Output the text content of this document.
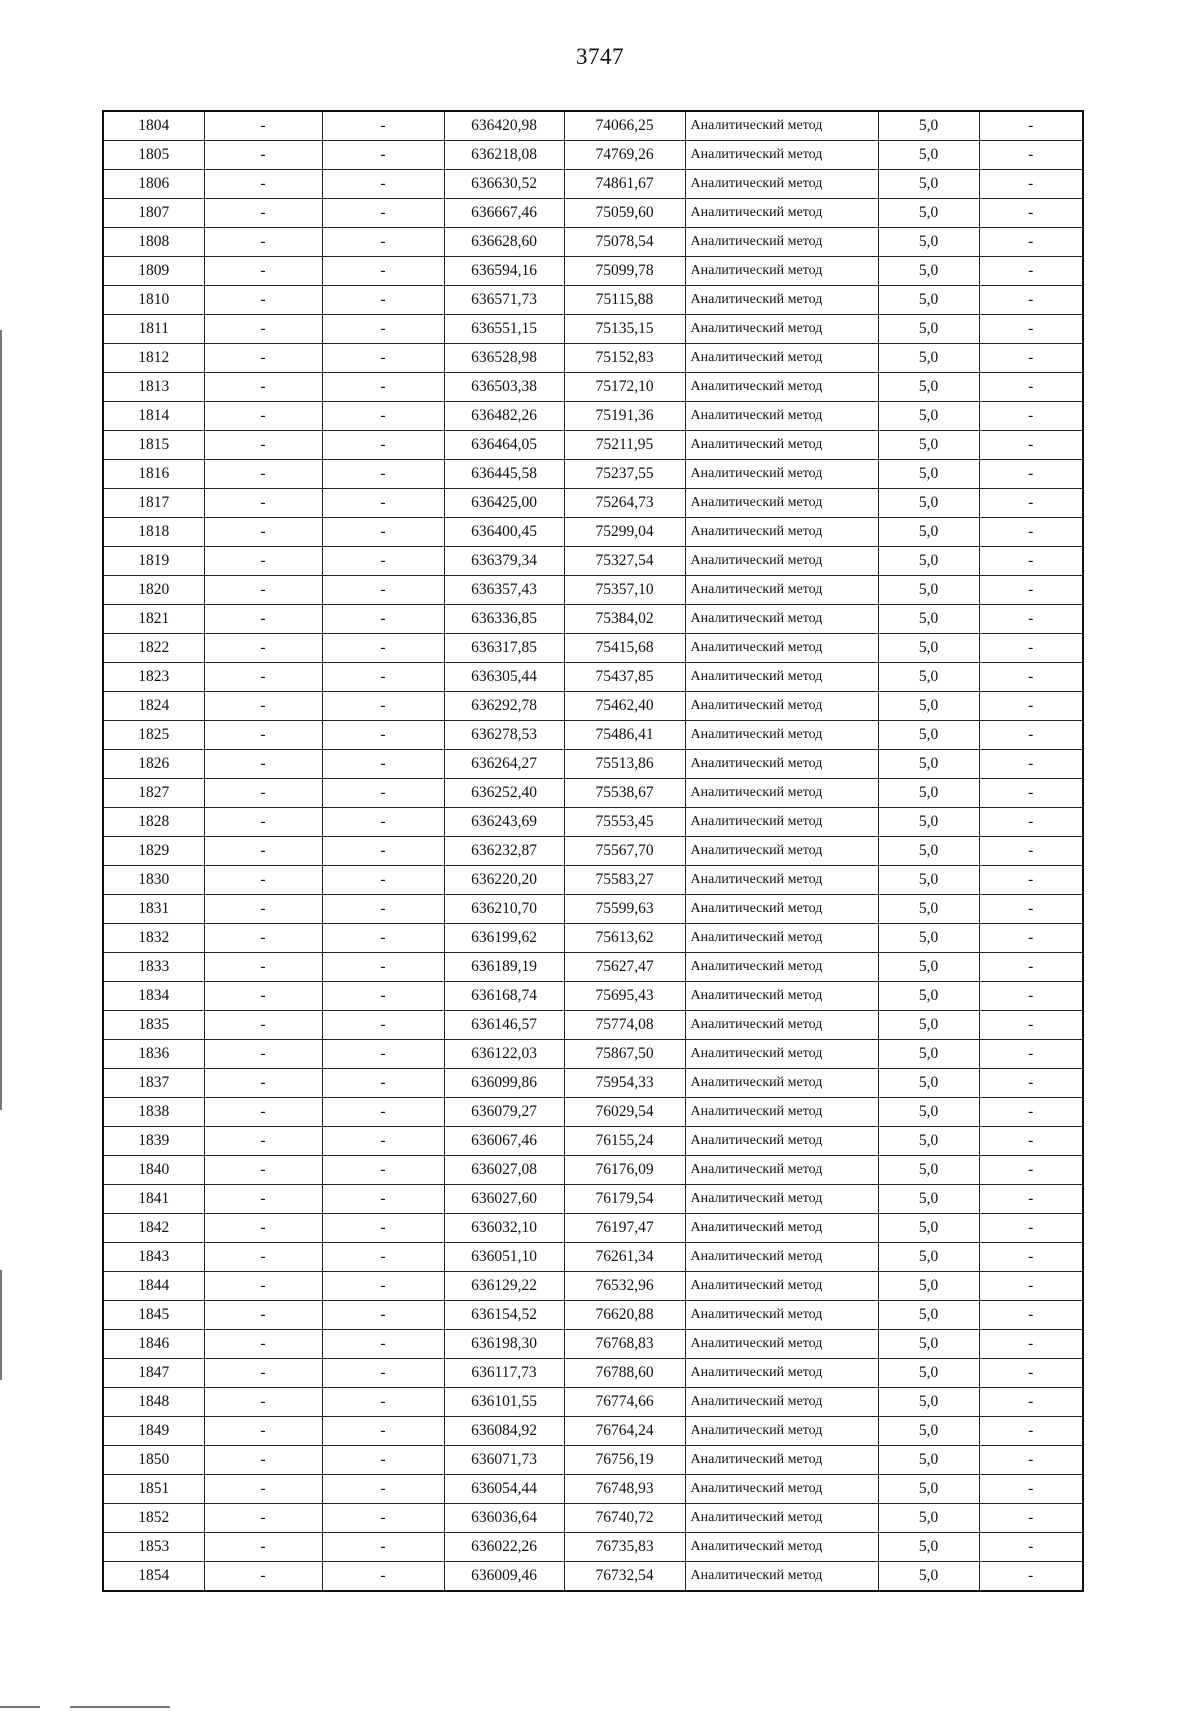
3747
1804	-	-	636420,98	74066,25	Аналитический метод	5,0	-
1805	-	-	636218,08	74769,26	Аналитический метод	5,0	-
1806	-	-	636630,52	74861,67	Аналитический метод	5,0	-
1807	-	-	636667,46	75059,60	Аналитический метод	5,0	-
1808	-	-	636628,60	75078,54	Аналитический метод	5,0	-
1809	-	-	636594,16	75099,78	Аналитический метод	5,0	-
1810	-	-	636571,73	75115,88	Аналитический метод	5,0	-
1811	-	-	636551,15	75135,15	Аналитический метод	5,0	-
1812	-	-	636528,98	75152,83	Аналитический метод	5,0	-
1813	-	-	636503,38	75172,10	Аналитический метод	5,0	-
1814	-	-	636482,26	75191,36	Аналитический метод	5,0	-
1815	-	-	636464,05	75211,95	Аналитический метод	5,0	-
1816	-	-	636445,58	75237,55	Аналитический метод	5,0	-
1817	-	-	636425,00	75264,73	Аналитический метод	5,0	-
1818	-	-	636400,45	75299,04	Аналитический метод	5,0	-
1819	-	-	636379,34	75327,54	Аналитический метод	5,0	-
1820	-	-	636357,43	75357,10	Аналитический метод	5,0	-
1821	-	-	636336,85	75384,02	Аналитический метод	5,0	-
1822	-	-	636317,85	75415,68	Аналитический метод	5,0	-
1823	-	-	636305,44	75437,85	Аналитический метод	5,0	-
1824	-	-	636292,78	75462,40	Аналитический метод	5,0	-
1825	-	-	636278,53	75486,41	Аналитический метод	5,0	-
1826	-	-	636264,27	75513,86	Аналитический метод	5,0	-
1827	-	-	636252,40	75538,67	Аналитический метод	5,0	-
1828	-	-	636243,69	75553,45	Аналитический метод	5,0	-
1829	-	-	636232,87	75567,70	Аналитический метод	5,0	-
1830	-	-	636220,20	75583,27	Аналитический метод	5,0	-
1831	-	-	636210,70	75599,63	Аналитический метод	5,0	-
1832	-	-	636199,62	75613,62	Аналитический метод	5,0	-
1833	-	-	636189,19	75627,47	Аналитический метод	5,0	-
1834	-	-	636168,74	75695,43	Аналитический метод	5,0	-
1835	-	-	636146,57	75774,08	Аналитический метод	5,0	-
1836	-	-	636122,03	75867,50	Аналитический метод	5,0	-
1837	-	-	636099,86	75954,33	Аналитический метод	5,0	-
1838	-	-	636079,27	76029,54	Аналитический метод	5,0	-
1839	-	-	636067,46	76155,24	Аналитический метод	5,0	-
1840	-	-	636027,08	76176,09	Аналитический метод	5,0	-
1841	-	-	636027,60	76179,54	Аналитический метод	5,0	-
1842	-	-	636032,10	76197,47	Аналитический метод	5,0	-
1843	-	-	636051,10	76261,34	Аналитический метод	5,0	-
1844	-	-	636129,22	76532,96	Аналитический метод	5,0	-
1845	-	-	636154,52	76620,88	Аналитический метод	5,0	-
1846	-	-	636198,30	76768,83	Аналитический метод	5,0	-
1847	-	-	636117,73	76788,60	Аналитический метод	5,0	-
1848	-	-	636101,55	76774,66	Аналитический метод	5,0	-
1849	-	-	636084,92	76764,24	Аналитический метод	5,0	-
1850	-	-	636071,73	76756,19	Аналитический метод	5,0	-
1851	-	-	636054,44	76748,93	Аналитический метод	5,0	-
1852	-	-	636036,64	76740,72	Аналитический метод	5,0	-
1853	-	-	636022,26	76735,83	Аналитический метод	5,0	-
1854	-	-	636009,46	76732,54	Аналитический метод	5,0	-
